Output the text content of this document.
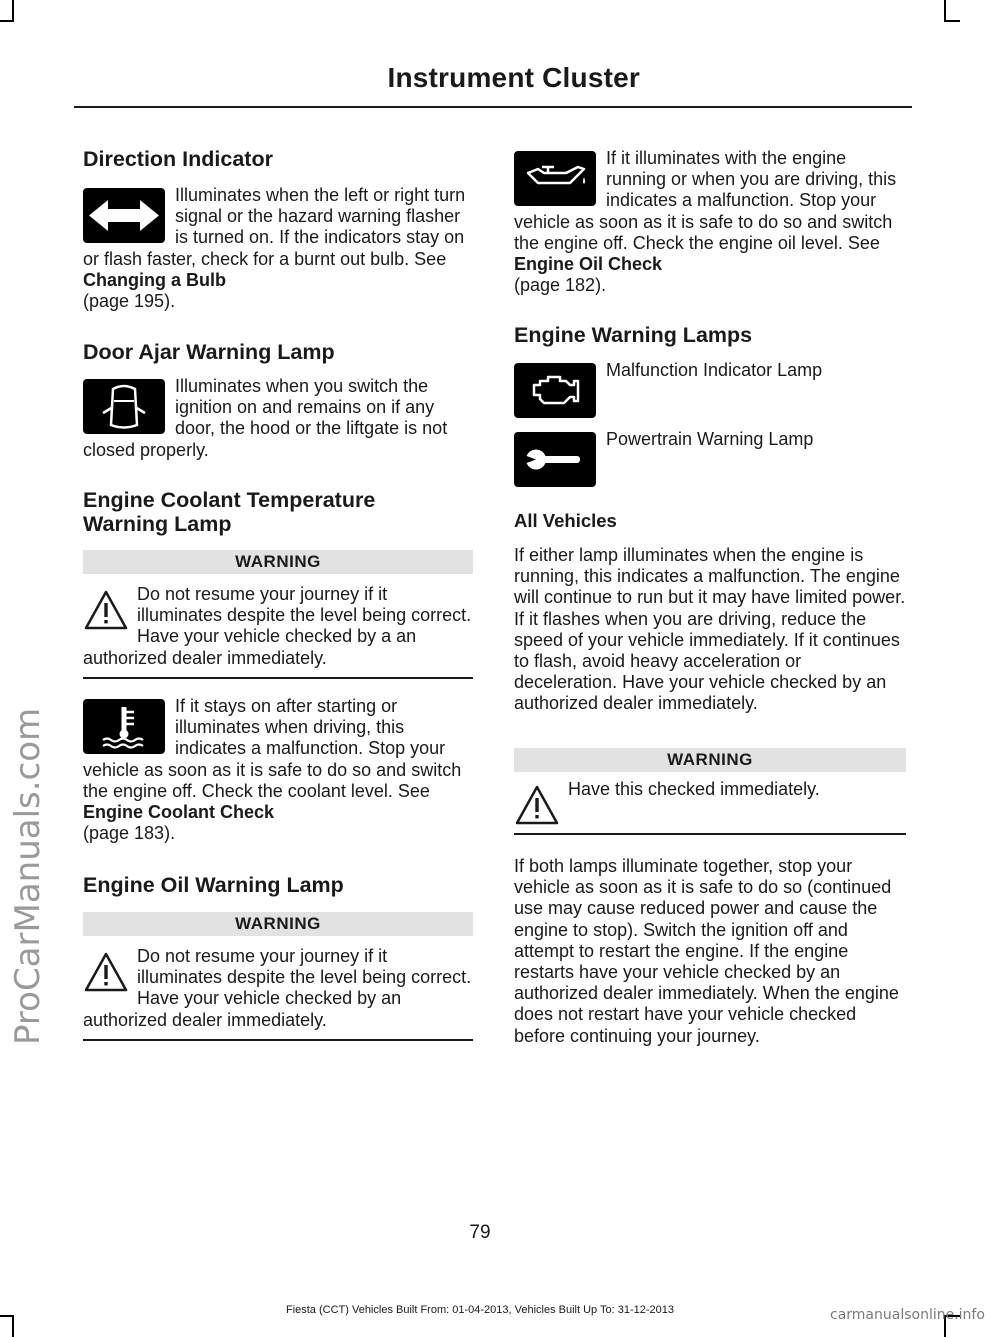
Instrument Cluster
ProCarManuals.com
Direction Indicator

Illuminates when the left or right turn signal or the hazard warning flasher is turned on. If the indicators stay on or flash faster, check for a burnt out bulb. See Changing a Bulb
(page 195).

Door Ajar Warning Lamp

Illuminates when you switch the ignition on and remains on if any door, the hood or the liftgate is not closed properly.

Engine Coolant Temperature
Warning Lamp
WARNING

Do not resume your journey if it illuminates despite the level being correct. Have your vehicle checked by a an authorized dealer immediately.

If it stays on after starting or illuminates when driving, this indicates a malfunction. Stop your vehicle as soon as it is safe to do so and switch the engine off. Check the coolant level. See Engine Coolant Check
(page 183).

Engine Oil Warning Lamp
WARNING

Do not resume your journey if it illuminates despite the level being correct. Have your vehicle checked by an authorized dealer immediately.

If it illuminates with the engine running or when you are driving, this indicates a malfunction. Stop your vehicle as soon as it is safe to do so and switch the engine off. Check the engine oil level. See Engine Oil Check
(page 182).

Engine Warning Lamps

Malfunction Indicator Lamp

Powertrain Warning Lamp

All Vehicles

If either lamp illuminates when the engine is running, this indicates a malfunction. The engine will continue to run but it may have limited power. If it flashes when you are driving, reduce the speed of your vehicle immediately. If it continues to flash, avoid heavy acceleration or deceleration. Have your vehicle checked by an authorized dealer immediately.

WARNING

Have this checked immediately.

If both lamps illuminate together, stop your vehicle as soon as it is safe to do so (continued use may cause reduced power and cause the engine to stop). Switch the ignition off and attempt to restart the engine. If the engine restarts have your vehicle checked by an authorized dealer immediately. When the engine does not restart have your vehicle checked before continuing your journey.

79
Fiesta (CCT) Vehicles Built From: 01-04-2013, Vehicles Built Up To: 31-12-2013	carmanualsonline.info
